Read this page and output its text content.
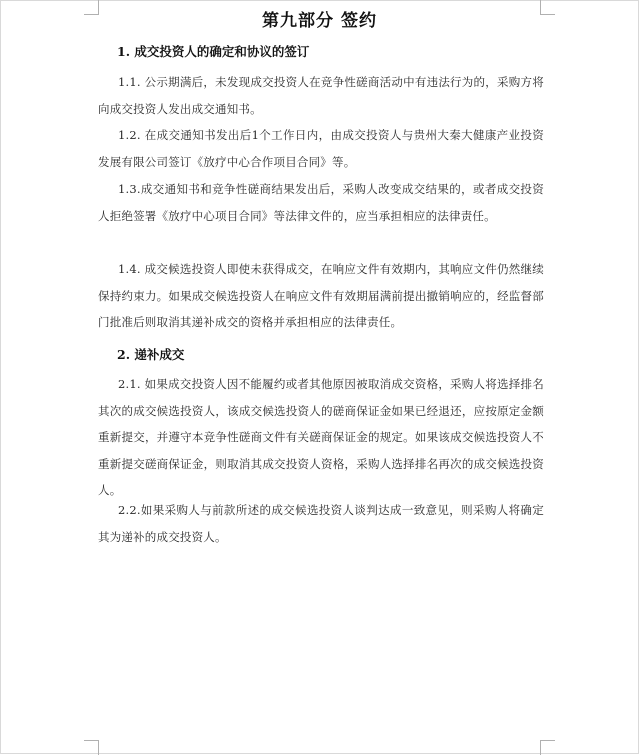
第九部分 签约
1. 成交投资人的确定和协议的签订
1.1. 公示期满后，未发现成交投资人在竞争性磋商活动中有违法行为的，采购方将向成交投资人发出成交通知书。
1.2. 在成交通知书发出后1个工作日内，由成交投资人与贵州大秦大健康产业投资发展有限公司签订《放疗中心合作项目合同》等。
1.3.成交通知书和竞争性磋商结果发出后，采购人改变成交结果的，或者成交投资人拒绝签署《放疗中心项目合同》等法律文件的，应当承担相应的法律责任。
1.4. 成交候选投资人即使未获得成交，在响应文件有效期内，其响应文件仍然继续保持约束力。如果成交候选投资人在响应文件有效期届满前提出撤销响应的，经监督部门批准后则取消其递补成交的资格并承担相应的法律责任。
2. 递补成交
2.1. 如果成交投资人因不能履约或者其他原因被取消成交资格，采购人将选择排名其次的成交候选投资人，该成交候选投资人的磋商保证金如果已经退还，应按原定金额重新提交，并遵守本竞争性磋商文件有关磋商保证金的规定。如果该成交候选投资人不重新提交磋商保证金，则取消其成交投资人资格，采购人选择排名再次的成交候选投资人。
2.2.如果采购人与前款所述的成交候选投资人谈判达成一致意见，则采购人将确定其为递补的成交投资人。
